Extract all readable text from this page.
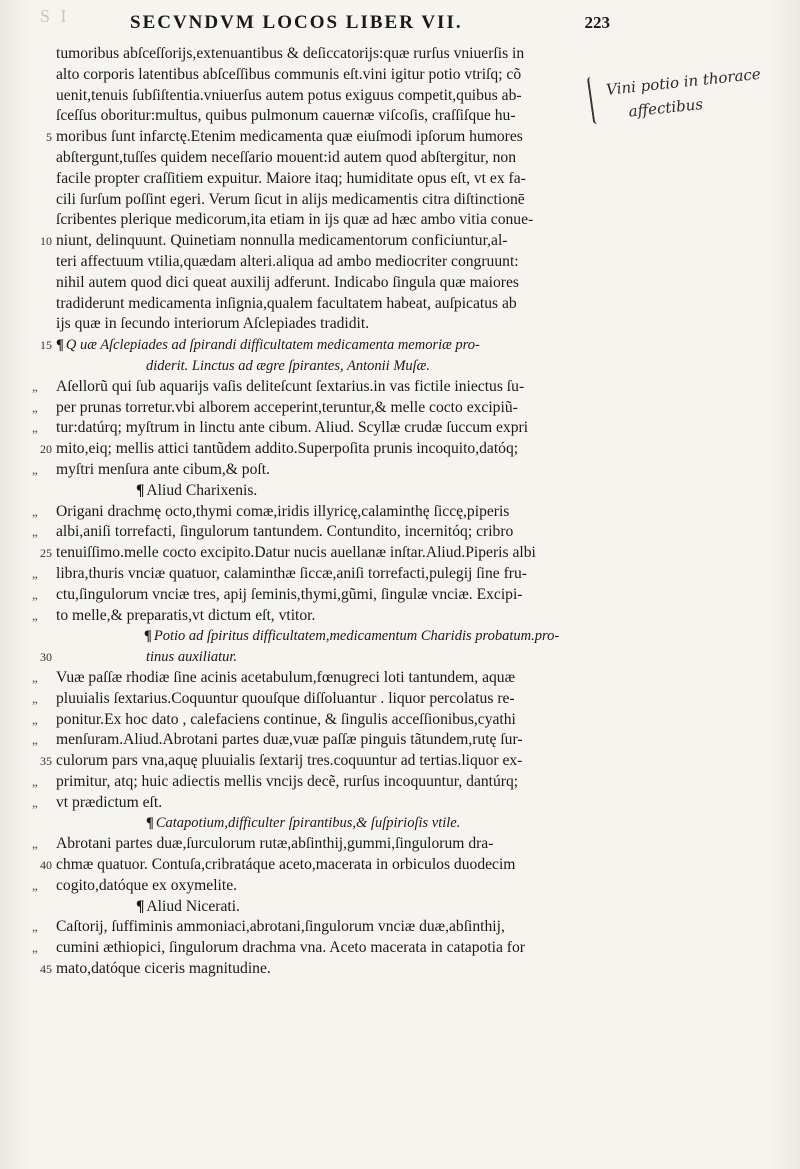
S I	SECVNDVM LOCOS LIBER VII.	223
Vini potio in thorace
affectibus
tumoribus abſceſſorijs,extenuantibus & deſiccatorijs:quæ rurſus vniuerſis in
alto corporis latentibus abſceſſibus communis eſt.vini igitur potio vtriſq; cõ
uenit,tenuis ſubſiſtentia.vniuerſus autem potus exiguus competit,quibus ab-
ſceſſus oboritur:multus, quibus pulmonum cauernæ viſcoſis, craſſiſque hu-
5 moribus ſunt infarctę.Etenim medicamenta quæ eiuſmodi ipſorum humores
abſtergunt,tuſſes quidem neceſſario mouent:id autem quod abſtergitur, non
facile propter craſſitiem expuitur. Maiore itaq; humiditate opus eſt, vt ex fa-
cili ſurſum poſſint egeri. Verum ſicut in alijs medicamentis citra diſtinctionē
ſcribentes plerique medicorum,ita etiam in ijs quæ ad hæc ambo vitia conue-
10 niunt, delinquunt. Quinetiam nonnulla medicamentorum conficiuntur,al-
teri affectuum vtilia,quædam alteri.aliqua ad ambo mediocriter congruunt:
nihil autem quod dici queat auxilij adferunt. Indicabo ſingula quæ maiores
tradiderunt medicamenta inſignia,qualem facultatem habeat, auſpicatus ab
ijs quæ in ſecundo interiorum Aſclepiades tradidit.
15 ¶ Q uæ Aſclepiades ad ſpirandi difficultatem medicamenta memoriæ pro-
diderit. Linctus ad ægre ſpirantes, Antonii Muſæ.
„ Aſellorũ qui ſub aquarijs vaſis deliteſcunt ſextarius.in vas fictile iniectus ſu-
„ per prunas torretur.vbi alborem acceperint,teruntur,& melle cocto excipiũ-
„ tur:datúrq; myſtrum in linctu ante cibum. Aliud. Scyllæ crudæ ſuccum expri
20 mito,eiq; mellis attici tantũdem addito.Superpoſita prunis incoquito,datóq;
„ myſtri menſura ante cibum,& poſt.
¶ Aliud Charixenis.
„ Origani drachmę octo,thymi comæ,iridis illyricę,calaminthę ſiccę,piperis
„ albi,aniſi torrefacti, ſingulorum tantundem. Contundito, incernitóq; cribro
25 tenuiſſimo.melle cocto excipito.Datur nucis auellanæ inſtar.Aliud.Piperis albi
„ libra,thuris vnciæ quatuor, calaminthæ ſiccæ,aniſi torrefacti,pulegij ſine fru-
„ ctu,ſingulorum vnciæ tres, apij ſeminis,thymi,gũmi, ſingulæ vnciæ. Excipi-
„ to melle,& preparatis,vt dictum eſt, vtitor.
¶ Potio ad ſpiritus difficultatem,medicamentum Charidis probatum.pro-
30	tinus auxiliatur.
„ Vuæ paſſæ rhodiæ ſine acinis acetabulum,fœnugreci loti tantundem, aquæ
„ pluuialis ſextarius.Coquuntur quouſque diſſoluantur . liquor percolatus re-
„ ponitur.Ex hoc dato , calefaciens continue, & ſingulis acceſſionibus,cyathi
„ menſuram.Aliud.Abrotani partes duæ,vuæ paſſæ pinguis tãtundem,rutę ſur-
35 culorum pars vna,aquę pluuialis ſextarij tres.coquuntur ad tertias.liquor ex-
„ primitur, atq; huic adiectis mellis vncijs decẽ, rurſus incoquuntur, dantúrq;
„ vt prædictum eſt.
¶ Catapotium,difficulter ſpirantibus,& ſuſpirioſis vtile.
„ Abrotani partes duæ,ſurculorum rutæ,abſinthij,gummi,ſingulorum dra-
40 chmæ quatuor. Contuſa,cribratáque aceto,macerata in orbiculos duodecim
„ cogito,datóque ex oxymelite.
¶ Aliud Nicerati.
„ Caſtorij, ſuffiminis ammoniaci,abrotani,ſingulorum vnciæ duæ,abſinthij,
„ cumini æthiopici, ſingulorum drachma vna. Aceto macerata in catapotia for
45 mato,datóque ciceris magnitudine.
